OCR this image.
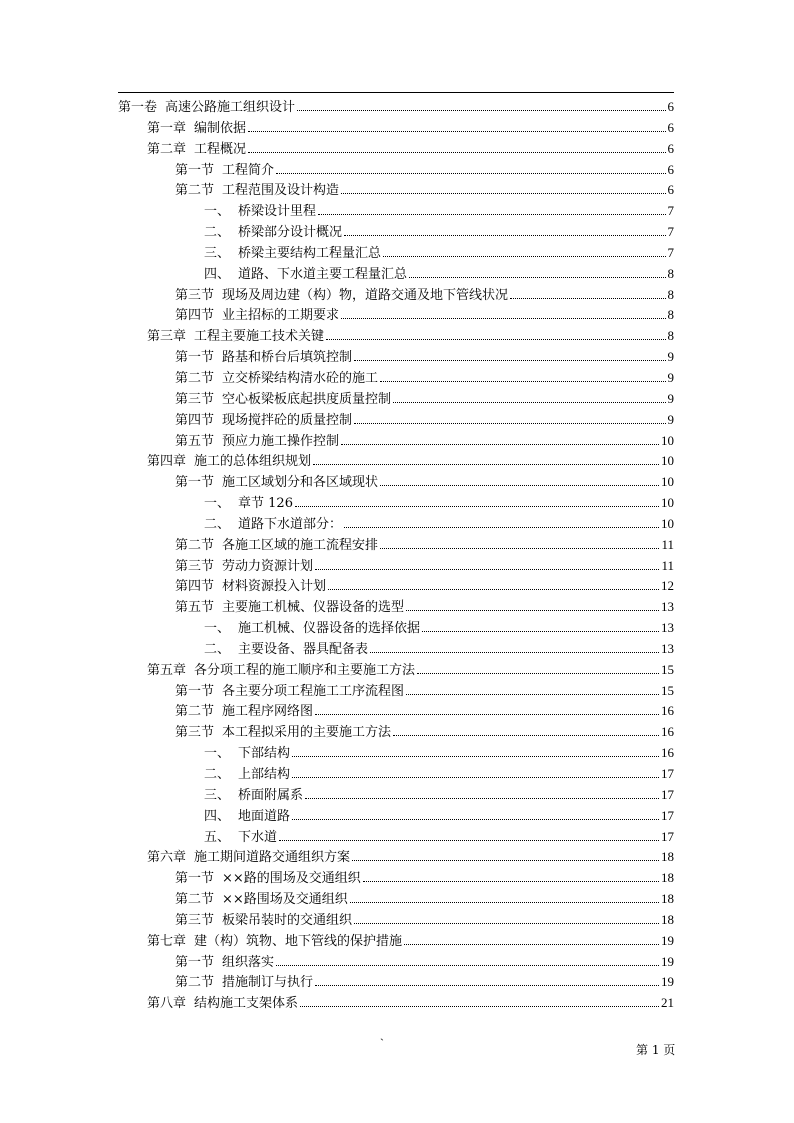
第一卷 高速公路施工组织设计	6
第一章 编制依据	6
第二章 工程概况	6
第一节 工程简介	6
第二节 工程范围及设计构造	6
一、 桥梁设计里程	7
二、 桥梁部分设计概况	7
三、 桥梁主要结构工程量汇总	7
四、 道路、下水道主要工程量汇总	8
第三节 现场及周边建（构）物，道路交通及地下管线状况	8
第四节 业主招标的工期要求	8
第三章 工程主要施工技术关键	8
第一节 路基和桥台后填筑控制	9
第二节 立交桥梁结构清水砼的施工	9
第三节 空心板梁板底起拱度质量控制	9
第四节 现场搅拌砼的质量控制	9
第五节 预应力施工操作控制	10
第四章 施工的总体组织规划	10
第一节 施工区域划分和各区域现状	10
一、 章节 126	10
二、 道路下水道部分：	10
第二节 各施工区域的施工流程安排	11
第三节 劳动力资源计划	11
第四节 材料资源投入计划	12
第五节 主要施工机械、仪器设备的选型	13
一、 施工机械、仪器设备的选择依据	13
二、 主要设备、器具配备表	13
第五章 各分项工程的施工顺序和主要施工方法	15
第一节 各主要分项工程施工工序流程图	15
第二节 施工程序网络图	16
第三节 本工程拟采用的主要施工方法	16
一、 下部结构	16
二、 上部结构	17
三、 桥面附属系	17
四、 地面道路	17
五、 下水道	17
第六章 施工期间道路交通组织方案	18
第一节 ××路的围场及交通组织	18
第二节 ××路围场及交通组织	18
第三节 板梁吊装时的交通组织	18
第七章 建（构）筑物、地下管线的保护措施	19
第一节 组织落实	19
第二节 措施制订与执行	19
第八章 结构施工支架体系	21
`	第 1 页
